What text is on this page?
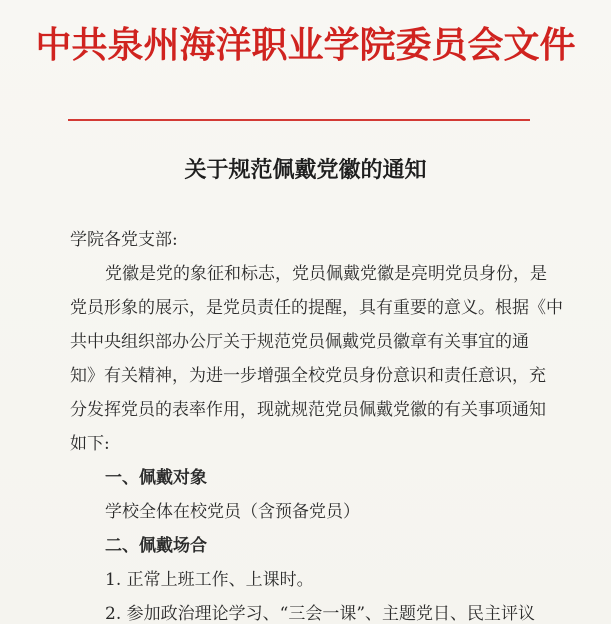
中共泉州海洋职业学院委员会文件
关于规范佩戴党徽的通知
学院各党支部:
党徽是党的象征和标志，党员佩戴党徽是亮明党员身份，是
党员形象的展示，是党员责任的提醒，具有重要的意义。根据《中
共中央组织部办公厅关于规范党员佩戴党员徽章有关事宜的通
知》有关精神，为进一步增强全校党员身份意识和责任意识，充
分发挥党员的表率作用，现就规范党员佩戴党徽的有关事项通知
如下:
一、佩戴对象
学校全体在校党员（含预备党员）
二、佩戴场合
1. 正常上班工作、上课时。
2. 参加政治理论学习、“三会一课”、主题党日、民主评议
